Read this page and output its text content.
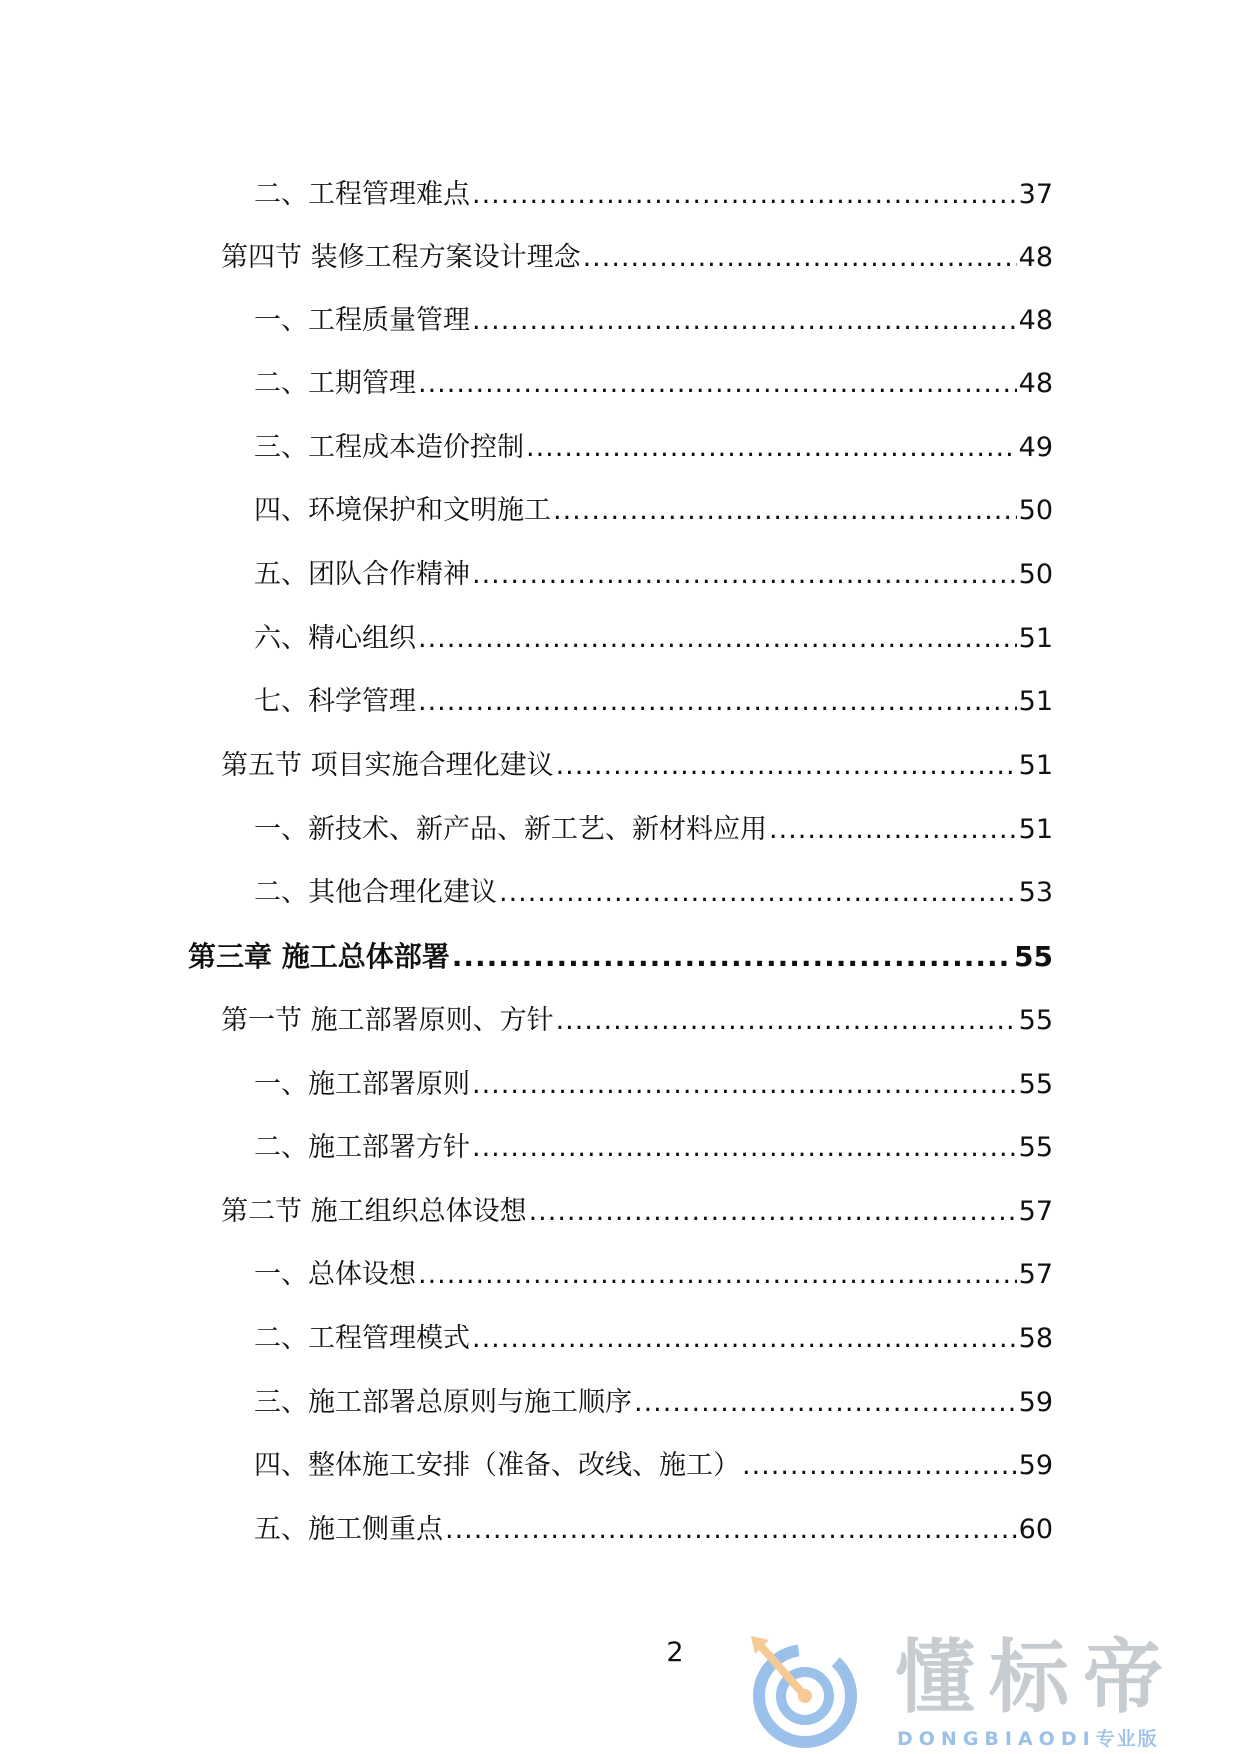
二、工程管理难点 .....	37
第四节 装修工程方案设计理念 .....	48
一、工程质量管理 .....	48
二、工期管理 .....	48
三、工程成本造价控制 .....	49
四、环境保护和文明施工 .....	50
五、团队合作精神 .....	50
六、精心组织 .....	51
七、科学管理 .....	51
第五节 项目实施合理化建议 .....	51
一、新技术、新产品、新工艺、新材料应用 .....	51
二、其他合理化建议 .....	53
第三章 施工总体部署 .....	55
第一节 施工部署原则、方针 .....	55
一、施工部署原则 .....	55
二、施工部署方针 .....	55
第二节 施工组织总体设想 .....	57
一、总体设想 .....	57
二、工程管理模式 .....	58
三、施工部署总原则与施工顺序 .....	59
四、整体施工安排（准备、改线、施工） .....	59
五、施工侧重点 .....	60
2	懂标帝
DONGBIAODI专业版
